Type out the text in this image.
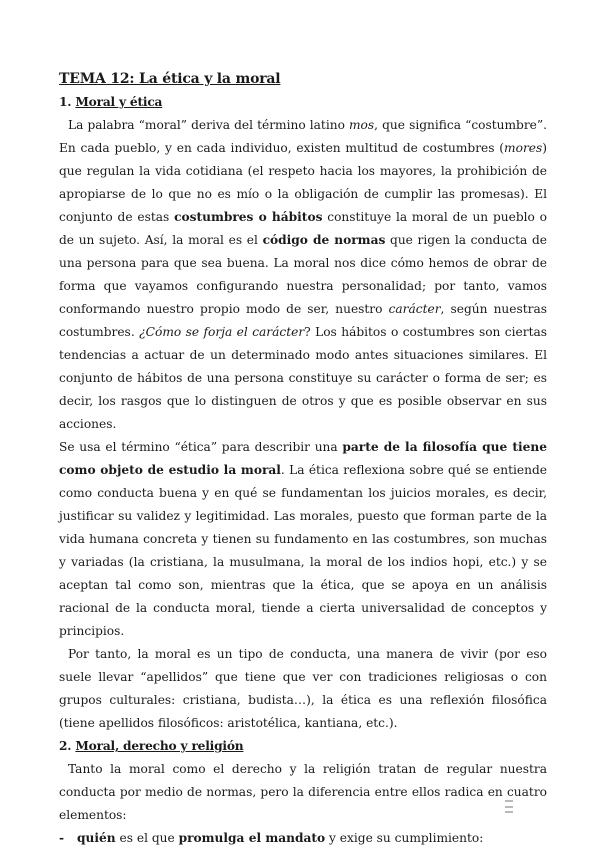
TEMA 12: La ética y la moral
1. Moral y ética

La palabra “moral” deriva del término latino mos, que significa “costumbre”. En cada pueblo, y en cada individuo, existen multitud de costumbres (mores) que regulan la vida cotidiana (el respeto hacia los mayores, la prohibición de apropiarse de lo que no es mío o la obligación de cumplir las promesas). El conjunto de estas costumbres o hábitos constituye la moral de un pueblo o de un sujeto. Así, la moral es el código de normas que rigen la conducta de una persona para que sea buena. La moral nos dice cómo hemos de obrar de forma que vayamos configurando nuestra personalidad; por tanto, vamos conformando nuestro propio modo de ser, nuestro carácter, según nuestras costumbres. ¿Cómo se forja el carácter? Los hábitos o costumbres son ciertas tendencias a actuar de un determinado modo antes situaciones similares. El conjunto de hábitos de una persona constituye su carácter o forma de ser; es decir, los rasgos que lo distinguen de otros y que es posible observar en sus acciones.

Se usa el término “ética” para describir una parte de la filosofía que tiene como objeto de estudio la moral. La ética reflexiona sobre qué se entiende como conducta buena y en qué se fundamentan los juicios morales, es decir, justificar su validez y legitimidad. Las morales, puesto que forman parte de la vida humana concreta y tienen su fundamento en las costumbres, son muchas y variadas (la cristiana, la musulmana, la moral de los indios hopi, etc.) y se aceptan tal como son, mientras que la ética, que se apoya en un análisis racional de la conducta moral, tiende a cierta universalidad de conceptos y principios.

Por tanto, la moral es un tipo de conducta, una manera de vivir (por eso suele llevar “apellidos” que tiene que ver con tradiciones religiosas o con grupos culturales: cristiana, budista…), la ética es una reflexión filosófica (tiene apellidos filosóficos: aristotélica, kantiana, etc.).

2. Moral, derecho y religión

Tanto la moral como el derecho y la religión tratan de regular nuestra conducta por medio de normas, pero la diferencia entre ellos radica en cuatro elementos:

-	quién es el que promulga el mandato y exige su cumplimiento:
